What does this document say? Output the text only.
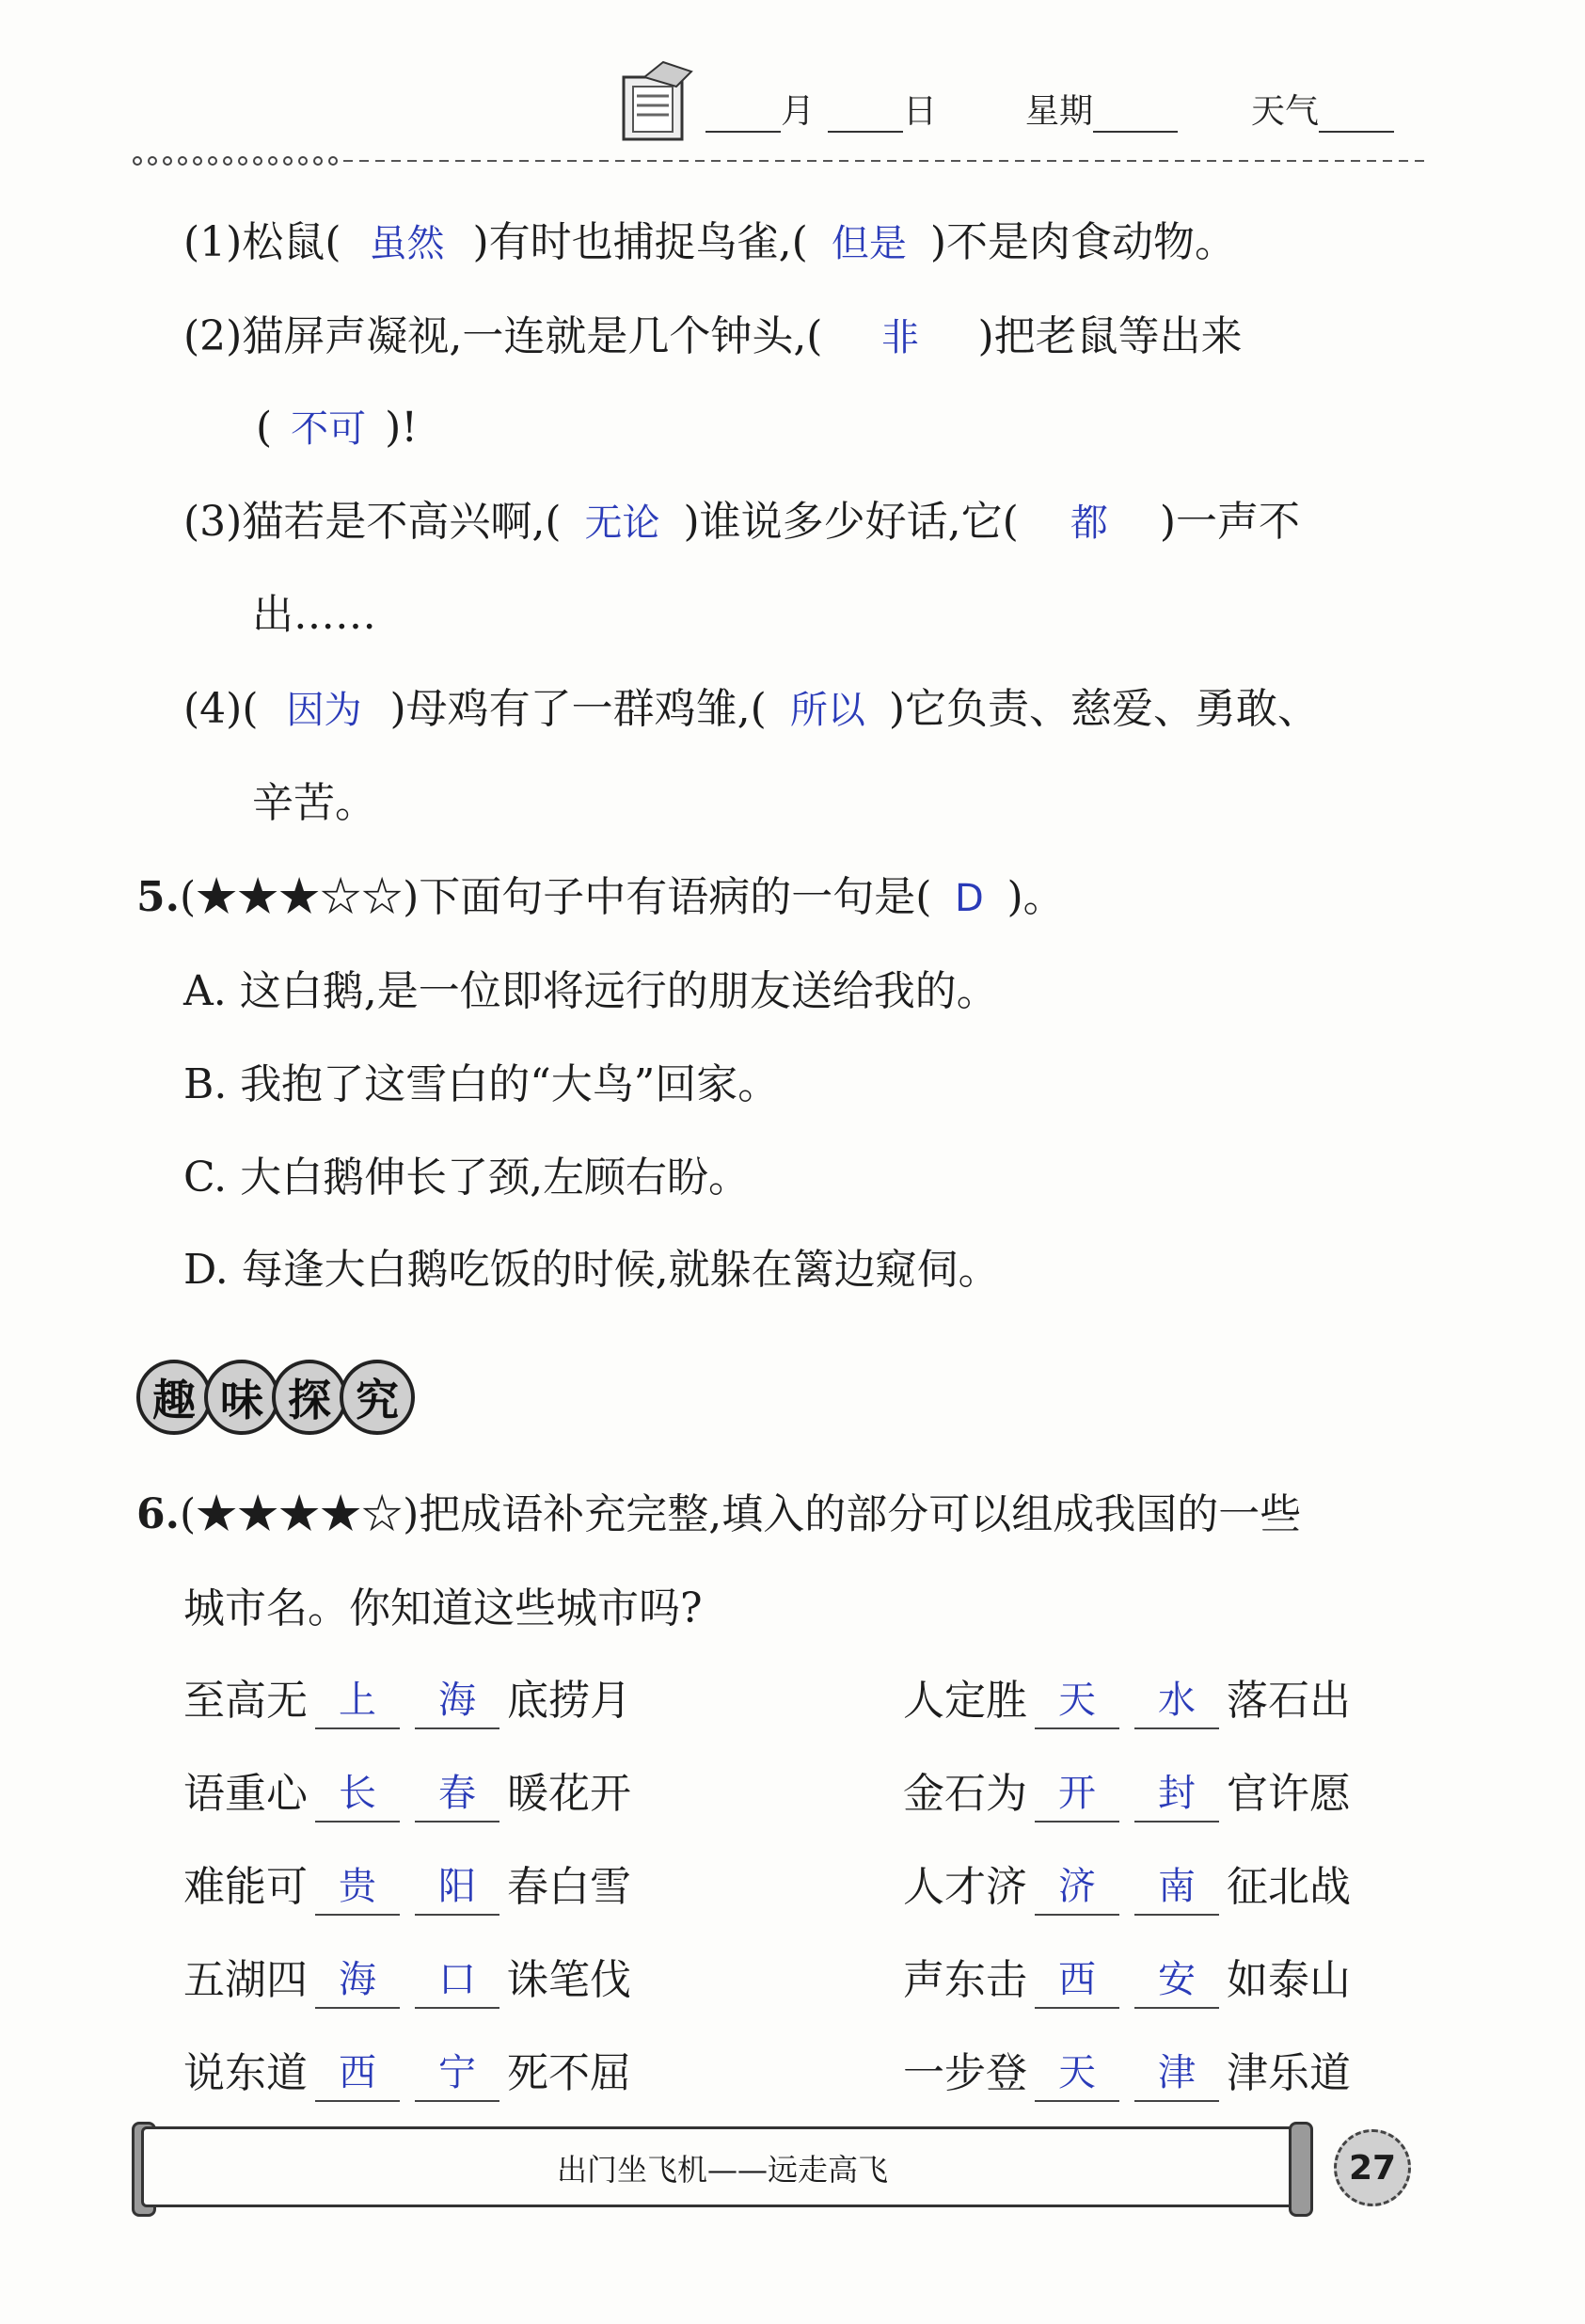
月	日	星期	天气
(1)松鼠( 虽然 )有时也捕捉鸟雀,( 但是 )不是肉食动物。
(2)猫屏声凝视,一连就是几个钟头,( 非 )把老鼠等出来
( 不可 )!
(3)猫若是不高兴啊,( 无论 )谁说多少好话,它( 都 )一声不
出……
(4)( 因为 )母鸡有了一群鸡雏,( 所以 )它负责、慈爱、勇敢、
辛苦。
5.(★★★☆☆)下面句子中有语病的一句是( D )。
A. 这白鹅,是一位即将远行的朋友送给我的。
B. 我抱了这雪白的“大鸟”回家。
C. 大白鹅伸长了颈,左顾右盼。
D. 每逢大白鹅吃饭的时候,就躲在篱边窥伺。
趣 味 探 究
6.(★★★★☆)把成语补充完整,填入的部分可以组成我国的一些
城市名。你知道这些城市吗?
至高无 上 海 底捞月
语重心 长 春 暖花开
难能可 贵 阳 春白雪
五湖四 海 口 诛笔伐
说东道 西 宁 死不屈
人定胜 天 水 落石出
金石为 开 封 官许愿
人才济 济 南 征北战
声东击 西 安 如泰山
一步登 天 津 津乐道
出门坐飞机——远走高飞	27
